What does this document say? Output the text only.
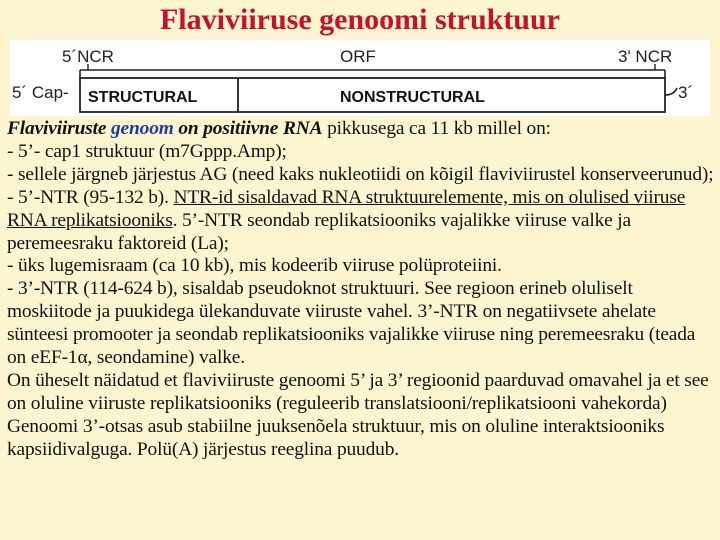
Flaviviiruse genoomi struktuur
5´NCR	ORF	3' NCR
5´ Cap- STRUCTURAL	NONSTRUCTURAL	3´

Flaviviiruste genoom on positiivne RNA pikkusega ca 11 kb millel on:

- 5’- cap1 struktuur (m7Gppp.Amp);

- sellele järgneb järjestus AG (need kaks nukleotiidi on kõigil flaviviirustel konserveerunud);

- 5’-NTR (95-132 b). NTR-id sisaldavad RNA struktuurelemente, mis on olulised viiruse RNA replikatsiooniks. 5’-NTR seondab replikatsiooniks vajalikke viiruse valke ja peremeesraku faktoreid (La);

- üks lugemisraam (ca 10 kb), mis kodeerib viiruse polüproteiini.

- 3’-NTR (114-624 b), sisaldab pseudoknot struktuuri. See regioon erineb oluliselt moskiitode ja puukidega ülekanduvate viiruste vahel. 3’-NTR on negatiivsete ahelate sünteesi promooter ja seondab replikatsiooniks vajalikke viiruse ning peremeesraku (teada on eEF-1α, seondamine) valke.

On üheselt näidatud et flaviviiruste genoomi 5’ ja 3’ regioonid paarduvad omavahel ja et see on oluline viiruste replikatsiooniks (reguleerib translatsiooni/replikatsiooni vahekorda)

Genoomi 3’-otsas asub stabiilne juuksenõela struktuur, mis on oluline interaktsiooniks kapsiidivalguga. Polü(A) järjestus reeglina puudub.
